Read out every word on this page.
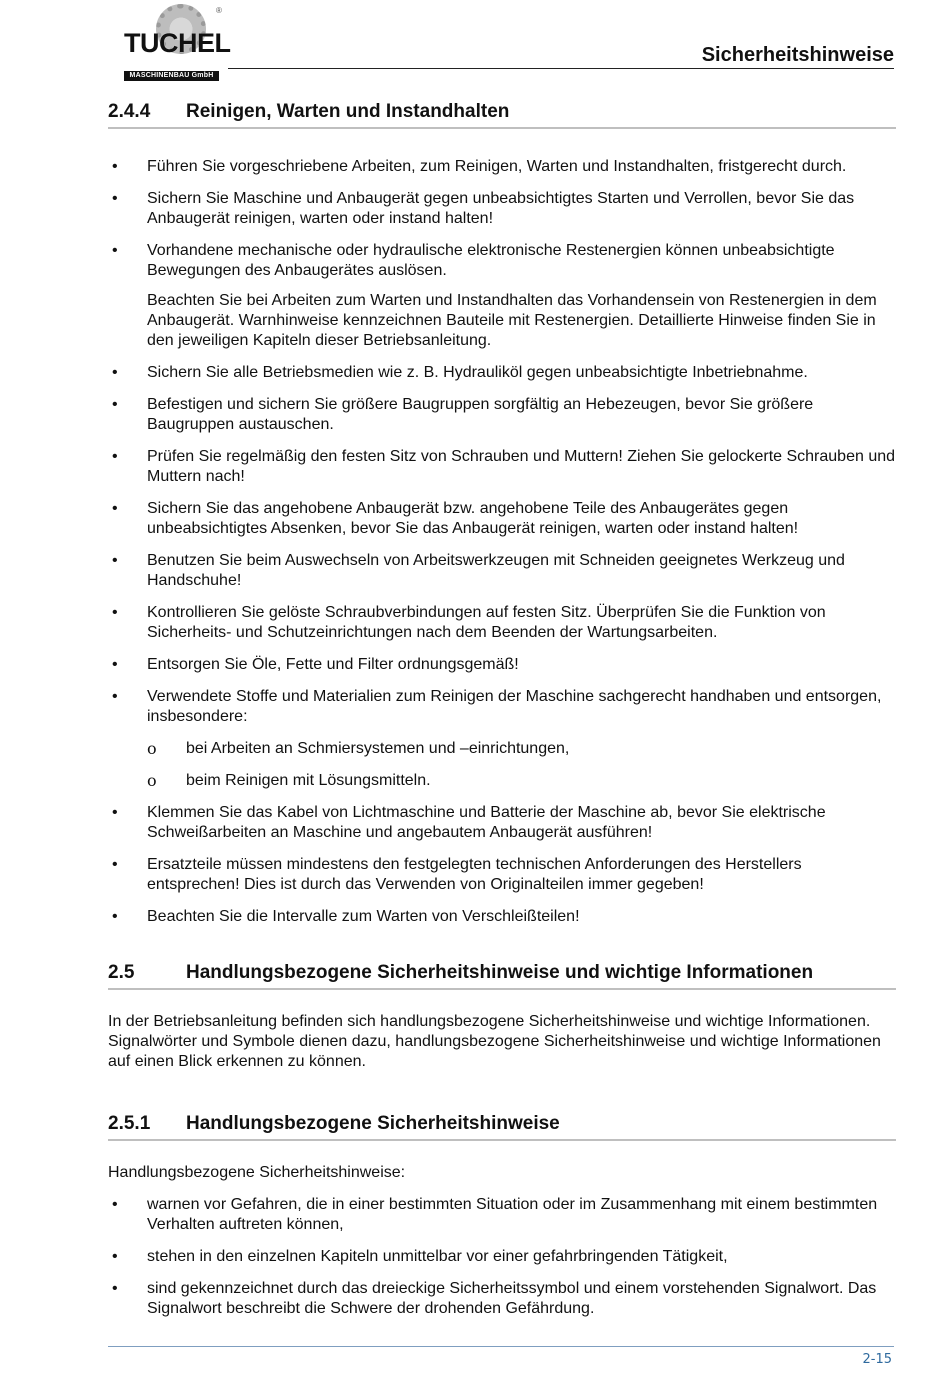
TUCHEL
MASCHINENBAU GmbH
®
Sicherheitshinweise
2.4.4	Reinigen, Warten und Instandhalten
• Führen Sie vorgeschriebene Arbeiten, zum Reinigen, Warten und Instandhalten, fristgerecht durch.
• Sichern Sie Maschine und Anbaugerät gegen unbeabsichtigtes Starten und Verrollen, bevor Sie das Anbaugerät reinigen, warten oder instand halten!
• Vorhandene mechanische oder hydraulische elektronische Restenergien können unbeabsichtigte Bewegungen des Anbaugerätes auslösen.
Beachten Sie bei Arbeiten zum Warten und Instandhalten das Vorhandensein von Restenergien in dem Anbaugerät. Warnhinweise kennzeichnen Bauteile mit Restenergien. Detaillierte Hinweise finden Sie in den jeweiligen Kapiteln dieser Betriebsanleitung.
• Sichern Sie alle Betriebsmedien wie z. B. Hydrauliköl gegen unbeabsichtigte Inbetriebnahme.
• Befestigen und sichern Sie größere Baugruppen sorgfältig an Hebezeugen, bevor Sie größere Baugruppen austauschen.
• Prüfen Sie regelmäßig den festen Sitz von Schrauben und Muttern! Ziehen Sie gelockerte Schrauben und Muttern nach!
• Sichern Sie das angehobene Anbaugerät bzw. angehobene Teile des Anbaugerätes gegen unbeabsichtigtes Absenken, bevor Sie das Anbaugerät reinigen, warten oder instand halten!
• Benutzen Sie beim Auswechseln von Arbeitswerkzeugen mit Schneiden geeignetes Werkzeug und Handschuhe!
• Kontrollieren Sie gelöste Schraubverbindungen auf festen Sitz. Überprüfen Sie die Funktion von Sicherheits- und Schutzeinrichtungen nach dem Beenden der Wartungsarbeiten.
• Entsorgen Sie Öle, Fette und Filter ordnungsgemäß!
• Verwendete Stoffe und Materialien zum Reinigen der Maschine sachgerecht handhaben und entsorgen, insbesondere:
ο bei Arbeiten an Schmiersystemen und –einrichtungen,
ο beim Reinigen mit Lösungsmitteln.
• Klemmen Sie das Kabel von Lichtmaschine und Batterie der Maschine ab, bevor Sie elektrische Schweißarbeiten an Maschine und angebautem Anbaugerät ausführen!
• Ersatzteile müssen mindestens den festgelegten technischen Anforderungen des Herstellers entsprechen! Dies ist durch das Verwenden von Originalteilen immer gegeben!
• Beachten Sie die Intervalle zum Warten von Verschleißteilen!
2.5	Handlungsbezogene Sicherheitshinweise und wichtige Informationen

In der Betriebsanleitung befinden sich handlungsbezogene Sicherheitshinweise und wichtige Informationen. Signalwörter und Symbole dienen dazu, handlungsbezogene Sicherheitshinweise und wichtige Informationen auf einen Blick erkennen zu können.

2.5.1	Handlungsbezogene Sicherheitshinweise

Handlungsbezogene Sicherheitshinweise:

• warnen vor Gefahren, die in einer bestimmten Situation oder im Zusammenhang mit einem bestimmten Verhalten auftreten können,
• stehen in den einzelnen Kapiteln unmittelbar vor einer gefahrbringenden Tätigkeit,
• sind gekennzeichnet durch das dreieckige Sicherheitssymbol und einem vorstehenden Signalwort. Das Signalwort beschreibt die Schwere der drohenden Gefährdung.
2-15
